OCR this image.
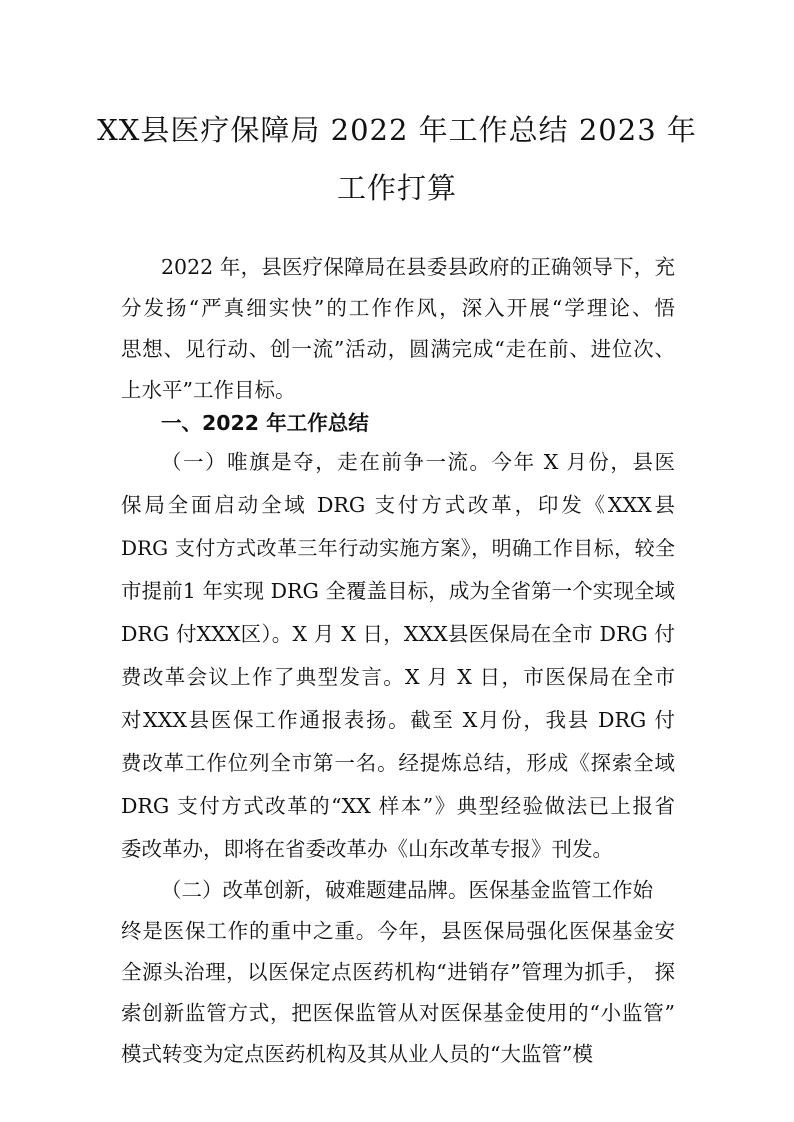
XX县医疗保障局 2022 年工作总结 2023 年
工作打算
2022 年，县医疗保障局在县委县政府的正确领导下，充
分发扬“严真细实快”的工作作风，深入开展“学理论、悟
思想、见行动、创一流”活动，圆满完成“走在前、进位次、
上水平”工作目标。
一、2022 年工作总结
（一）唯旗是夺，走在前争一流。今年 X 月份，县医
保局全面启动全域 DRG 支付方式改革，印发《XXX县
DRG 支付方式改革三年行动实施方案》，明确工作目标，较全
市提前1 年实现 DRG 全覆盖目标，成为全省第一个实现全域
DRG 付XXX区）。X 月 X 日，XXX县医保局在全市 DRG 付
费改革会议上作了典型发言。X 月 X 日，市医保局在全市
对XXX县医保工作通报表扬。截至 X月份，我县 DRG 付
费改革工作位列全市第一名。经提炼总结，形成《探索全域
DRG 支付方式改革的“XX 样本”》典型经验做法已上报省
委改革办，即将在省委改革办《山东改革专报》刊发。
（二）改革创新，破难题建品牌。医保基金监管工作始
终是医保工作的重中之重。今年，县医保局强化医保基金安
全源头治理，以医保定点医药机构“进销存”管理为抓手， 探
索创新监管方式，把医保监管从对医保基金使用的“小监管”
模式转变为定点医药机构及其从业人员的“大监管”模
